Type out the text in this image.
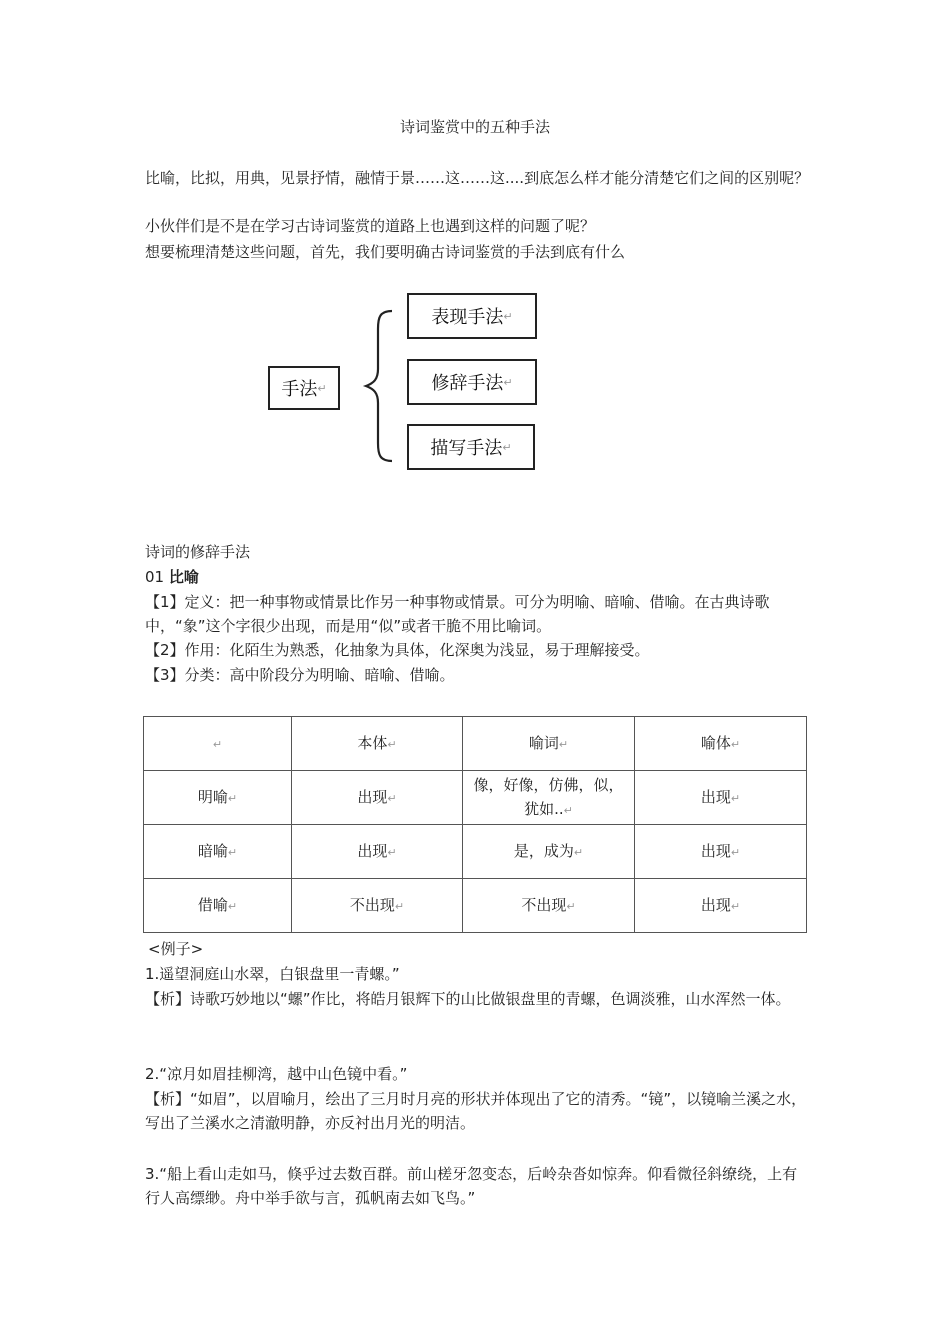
诗词鉴赏中的五种手法
比喻，比拟，用典，见景抒情，融情于景……这……这....到底怎么样才能分清楚它们之间的区别呢？
小伙伴们是不是在学习古诗词鉴赏的道路上也遇到这样的问题了呢？
想要梳理清楚这些问题，首先，我们要明确古诗词鉴赏的手法到底有什么
手法 ↵
表现手法 ↵
修辞手法 ↵
描写手法 ↵
诗词的修辞手法
01 比喻
【1】定义：把一种事物或情景比作另一种事物或情景。可分为明喻、暗喻、借喻。在古典诗歌中，“象”这个字很少出现，而是用“似”或者干脆不用比喻词。
【2】作用：化陌生为熟悉，化抽象为具体，化深奥为浅显，易于理解接受。
【3】分类：高中阶段分为明喻、暗喻、借喻。
↵	本体↵	喻词↵	喻体↵
明喻↵	出现↵	像，好像，仿佛，似，犹如..↵	出现↵
暗喻↵	出现↵	是，成为↵	出现↵
借喻↵	不出现↵	不出现↵	出现↵
<例子>
1.遥望洞庭山水翠，白银盘里一青螺。”
【析】诗歌巧妙地以“螺”作比，将皓月银辉下的山比做银盘里的青螺，色调淡雅，山水浑然一体。
2.“凉月如眉挂柳湾，越中山色镜中看。”
【析】“如眉”，以眉喻月，绘出了三月时月亮的形状并体现出了它的清秀。“镜”，以镜喻兰溪之水，写出了兰溪水之清澈明静，亦反衬出月光的明洁。
3.“船上看山走如马，倏乎过去数百群。前山槎牙忽变态，后岭杂沓如惊奔。仰看微径斜缭绕，上有行人高缥缈。舟中举手欲与言，孤帆南去如飞鸟。”
